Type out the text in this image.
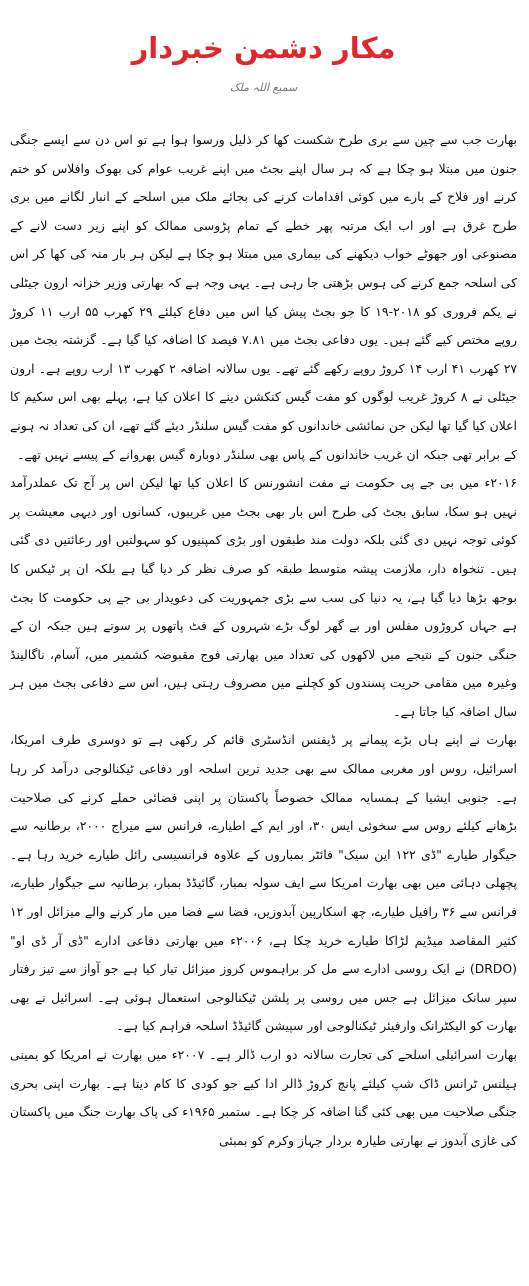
مکار دشمن خبردار
سمیع اللہ ملک

بھارت جب سے چین سے بری طرح شکست کھا کر ذلیل ورسوا ہوا ہے تو اس دن سے ایسے جنگی جنون میں مبتلا ہو چکا ہے کہ ہر سال اپنے بجٹ میں اپنے غریب عوام کی بھوک وافلاس کو ختم کرنے اور فلاح کے بارے میں کوئی اقدامات کرنے کی بجائے ملک میں اسلحے کے انبار لگانے میں بری طرح غرق ہے اور اب ایک مرتبہ پھر خطے کے تمام پڑوسی ممالک کو اپنے زیر دست لانے کے مصنوعی اور جھوٹے خواب دیکھنے کی بیماری میں مبتلا ہو چکا ہے لیکن ہر بار منہ کی کھا کر اس کی اسلحہ جمع کرنے کی ہوس بڑھتی جا رہی ہے۔ یہی وجہ ہے کہ بھارتی وزیر خزانہ ارون جیٹلی نے یکم فروری کو ۲۰۱۸-۱۹ کا جو بجٹ پیش کیا اس میں دفاع کیلئے ۲۹ کھرب ۵۵ ارب ۱۱ کروڑ روپے مختص کیے گئے ہیں۔ یوں دفاعی بجٹ میں ۷.۸۱ فیصد کا اضافہ کیا گیا ہے۔ گزشتہ بجٹ میں ۲۷ کھرب ۴۱ ارب ۱۴ کروڑ روپے رکھے گئے تھے۔ یوں سالانہ اضافہ ۲ کھرب ۱۳ ارب روپے ہے۔ ارون جیٹلی نے ۸ کروڑ غریب لوگوں کو مفت گیس کنکشن دینے کا اعلان کیا ہے، پہلے بھی اس سکیم کا اعلان کیا گیا تھا لیکن جن نمائشی خاندانوں کو مفت گیس سلنڈر دیئے گئے تھے، ان کی تعداد نہ ہونے کے برابر تھی جبکہ ان غریب خاندانوں کے پاس بھی سلنڈر دوبارہ گیس بھروانے کے پیسے نہیں تھے۔

۲۰۱۶ء میں بی جے پی حکومت نے مفت انشورنس کا اعلان کیا تھا لیکن اس پر آج تک عملدرآمد نہیں ہو سکا، سابق بجٹ کی طرح اس بار بھی بجٹ میں غریبوں، کسانوں اور دیہی معیشت پر کوئی توجہ نہیں دی گئی بلکہ دولت مند طبقوں اور بڑی کمپنیوں کو سہولتیں اور رعائتیں دی گئی ہیں۔ تنخواہ دار، ملازمت پیشہ متوسط طبقہ کو صرف نظر کر دیا گیا ہے بلکہ ان پر ٹیکس کا بوجھ بڑھا دیا گیا ہے، یہ دنیا کی سب سے بڑی جمہوریت کی دعویدار بی جے پی حکومت کا بجٹ ہے جہاں کروڑوں مفلس اور بے گھر لوگ بڑے شہروں کے فٹ پاتھوں پر سوتے ہیں جبکہ ان کے جنگی جنون کے نتیجے میں لاکھوں کی تعداد میں بھارتی فوج مقبوضہ کشمیر میں، آسام، ناگالینڈ وغیرہ میں مقامی حریت پسندوں کو کچلنے میں مصروف رہتی ہیں، اس سے دفاعی بجٹ میں ہر سال اضافہ کیا جاتا ہے۔

بھارت نے اپنے ہاں بڑے پیمانے پر ڈیفنس انڈسٹری قائم کر رکھی ہے تو دوسری طرف امریکا، اسرائیل، روس اور مغربی ممالک سے بھی جدید ترین اسلحہ اور دفاعی ٹیکنالوجی درآمد کر رہا ہے۔ جنوبی ایشیا کے ہمسایہ ممالک خصوصاً پاکستان پر اپنی فضائی حملے کرنے کی صلاحیت بڑھانے کیلئے روس سے سخوئی ایس ۳۰، اور ایم کے اطیارے، فرانس سے میراج ۲۰۰۰، برطانیہ سے جیگوار طیارے "ڈی ۱۲۲ این سیک" فائٹر بمباروں کے علاوہ فرانسیسی رائل طیارے خرید رہا ہے۔ پچھلی دہائی میں بھی بھارت امریکا سے ایف سولہ بمبار، گائیڈڈ بمبار، برطانیہ سے جیگوار طیارے، فرانس سے ۳۶ رافیل طیارے، چھ اسکارپین آبدوزیں، فضا سے فضا میں مار کرنے والے میزائل اور ۱۲ کثیر المقاصد میڈیم لڑاکا طیارے خرید چکا ہے، ۲۰۰۶ء میں بھارتی دفاعی ادارے "ڈی آر ڈی او" (DRDO) نے ایک روسی ادارے سے مل کر براہموس کروز میزائل تیار کیا ہے جو آواز سے تیز رفتار سپر سانک میزائل ہے جس میں روسی پر پلشن ٹیکنالوجی استعمال ہوئی ہے۔ اسرائیل نے بھی بھارت کو الیکٹرانک وارفیئر ٹیکنالوجی اور سپیشن گائیڈڈ اسلحہ فراہم کیا ہے۔

بھارت اسرائیلی اسلحے کی تجارت سالانہ دو ارب ڈالر ہے۔ ۲۰۰۷ء میں بھارت نے امریکا کو یمینی ہیلنس ٹرانس ڈاک شپ کیلئے پانچ کروڑ ڈالر ادا کیے جو کودی کا کام دیتا ہے۔ بھارت اپنی بحری جنگی صلاحیت میں بھی کئی گنا اضافہ کر چکا ہے۔ ستمبر ۱۹۶۵ء کی پاک بھارت جنگ میں پاکستان کی غازی آبدوز نے بھارتی طیارہ بردار جہاز وکرم کو بمبئی
